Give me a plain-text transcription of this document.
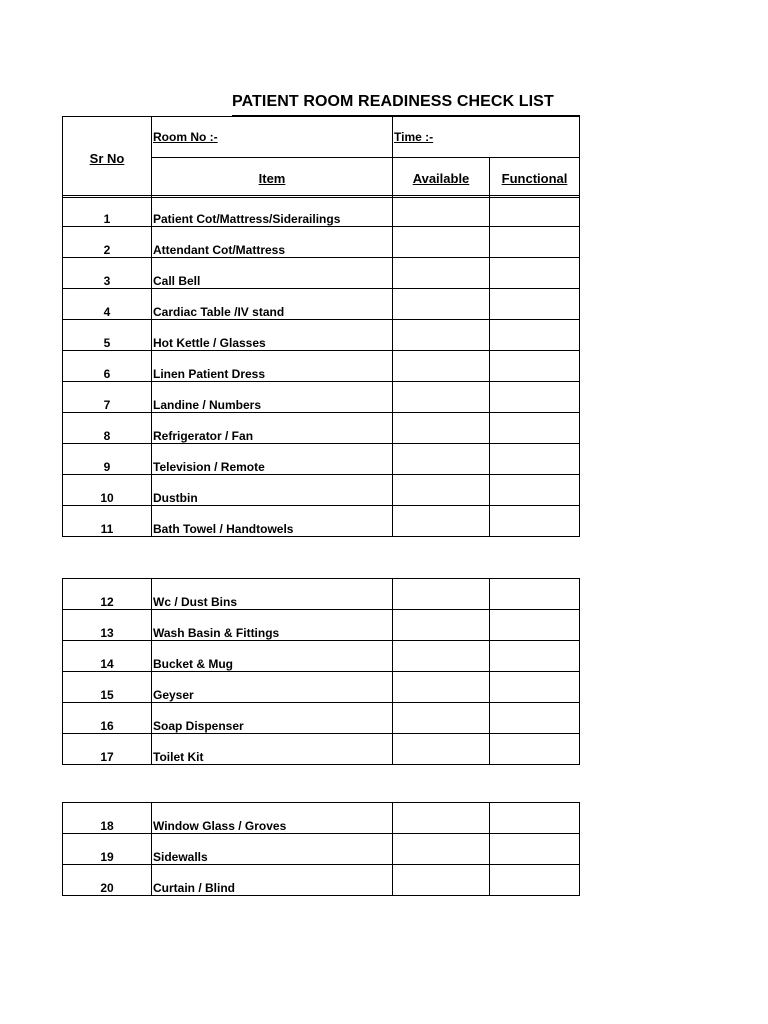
PATIENT ROOM READINESS CHECK LIST
Sr No	Room No :-	Time :-	
	Item	Available	Functional
1	Patient Cot/Mattress/Siderailings		
2	Attendant Cot/Mattress		
3	Call Bell		
4	Cardiac Table /IV stand		
5	Hot Kettle / Glasses		
6	Linen Patient Dress		
7	Landine / Numbers		
8	Refrigerator / Fan		
9	Television / Remote		
10	Dustbin		
11	Bath Towel / Handtowels		
12	Wc / Dust Bins		
13	Wash Basin & Fittings		
14	Bucket & Mug		
15	Geyser		
16	Soap Dispenser		
17	Toilet Kit		
18	Window Glass / Groves		
19	Sidewalls		
20	Curtain / Blind		
